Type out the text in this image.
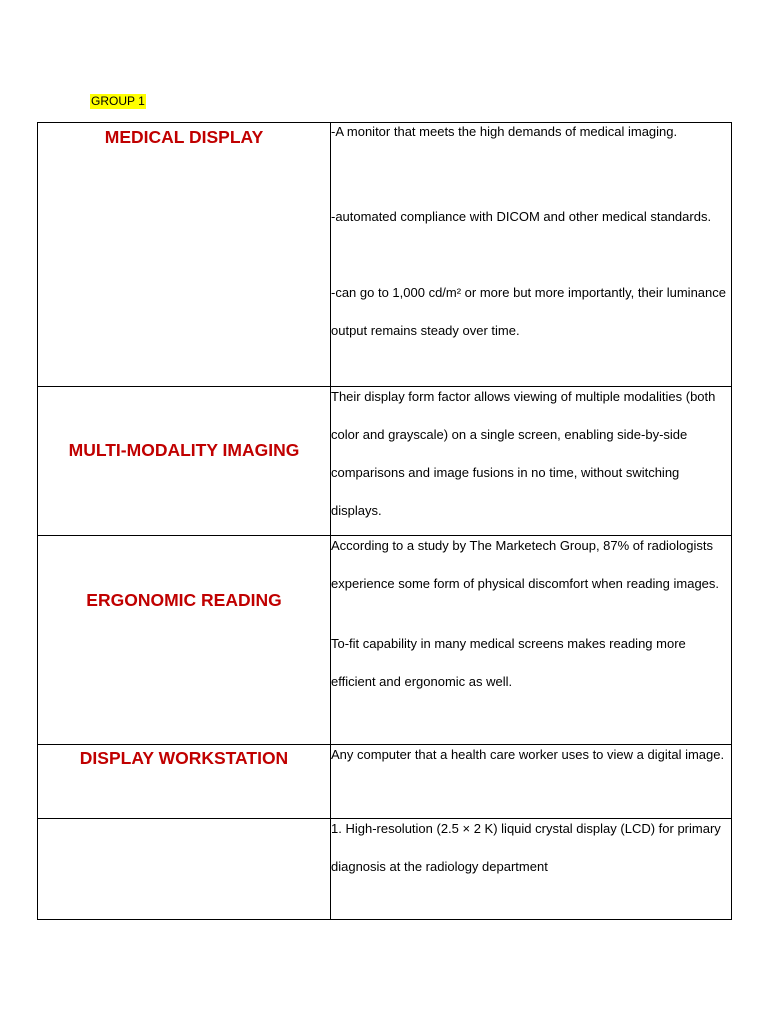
GROUP 1
MEDICAL DISPLAY	-A monitor that meets the high demands of medical imaging.

-automated compliance with DICOM and other medical standards.

-can go to 1,000 cd/m² or more but more importantly, their luminance output remains steady over time.

MULTI-MODALITY IMAGING	Their display form factor allows viewing of multiple modalities (both color and grayscale) on a single screen, enabling side-by-side comparisons and image fusions in no time, without switching displays.

ERGONOMIC READING	According to a study by The Marketech Group, 87% of radiologists experience some form of physical discomfort when reading images.

To-fit capability in many medical screens makes reading more efficient and ergonomic as well.

DISPLAY WORKSTATION	Any computer that a health care worker uses to view a digital image.

	1. High-resolution (2.5 × 2 K) liquid crystal display (LCD) for primary diagnosis at the radiology department
